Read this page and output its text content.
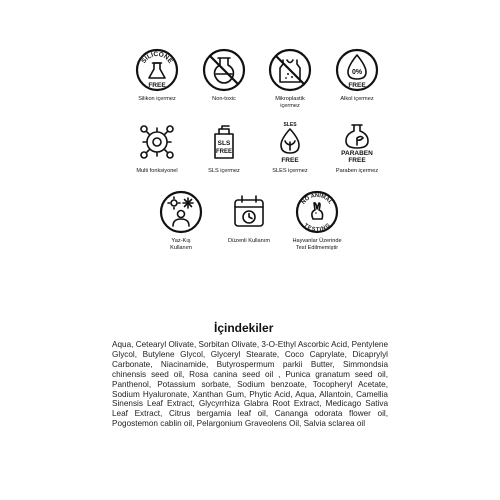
SILICONE
FREE
Silikon içermez	Non-toxic	Mikroplastik
içermez
0%
FREE
Alkol içermez
Multi fonksiyonel
SLS
FREE
SLS içermez
SLES
FREE
SLES içermez
PARABEN
FREE
Paraben içermez
Yaz-Kış
Kullanım
Düzenli Kullanım
NO ANIMAL
TESTING
Hayvanlar Üzerinde
Test Edilmemiştir
İçindekiler
Aqua, Cetearyl Olivate, Sorbitan Olivate, 3-O-Ethyl Ascorbic Acid, Pentylene Glycol, Butylene Glycol, Glyceryl Stearate, Coco Caprylate, Dicaprylyl Carbonate, Niacinamide, Butyrospermum parkii Butter, Simmondsia chinensis seed oil, Rosa canina seed oil , Punica granatum seed oil, Panthenol, Potassium sorbate, Sodium benzoate, Tocopheryl Acetate, Sodium Hyaluronate, Xanthan Gum, Phytic Acid, Aqua, Allantoin, Camellia Sinensis Leaf Extract, Glycyrrhiza Glabra Root Extract, Medicago Sativa Leaf Extract, Citrus bergamia leaf oil, Cananga odorata flower oil, Pogostemon cablin oil, Pelargonium Graveolens Oil, Salvia sclarea oil
